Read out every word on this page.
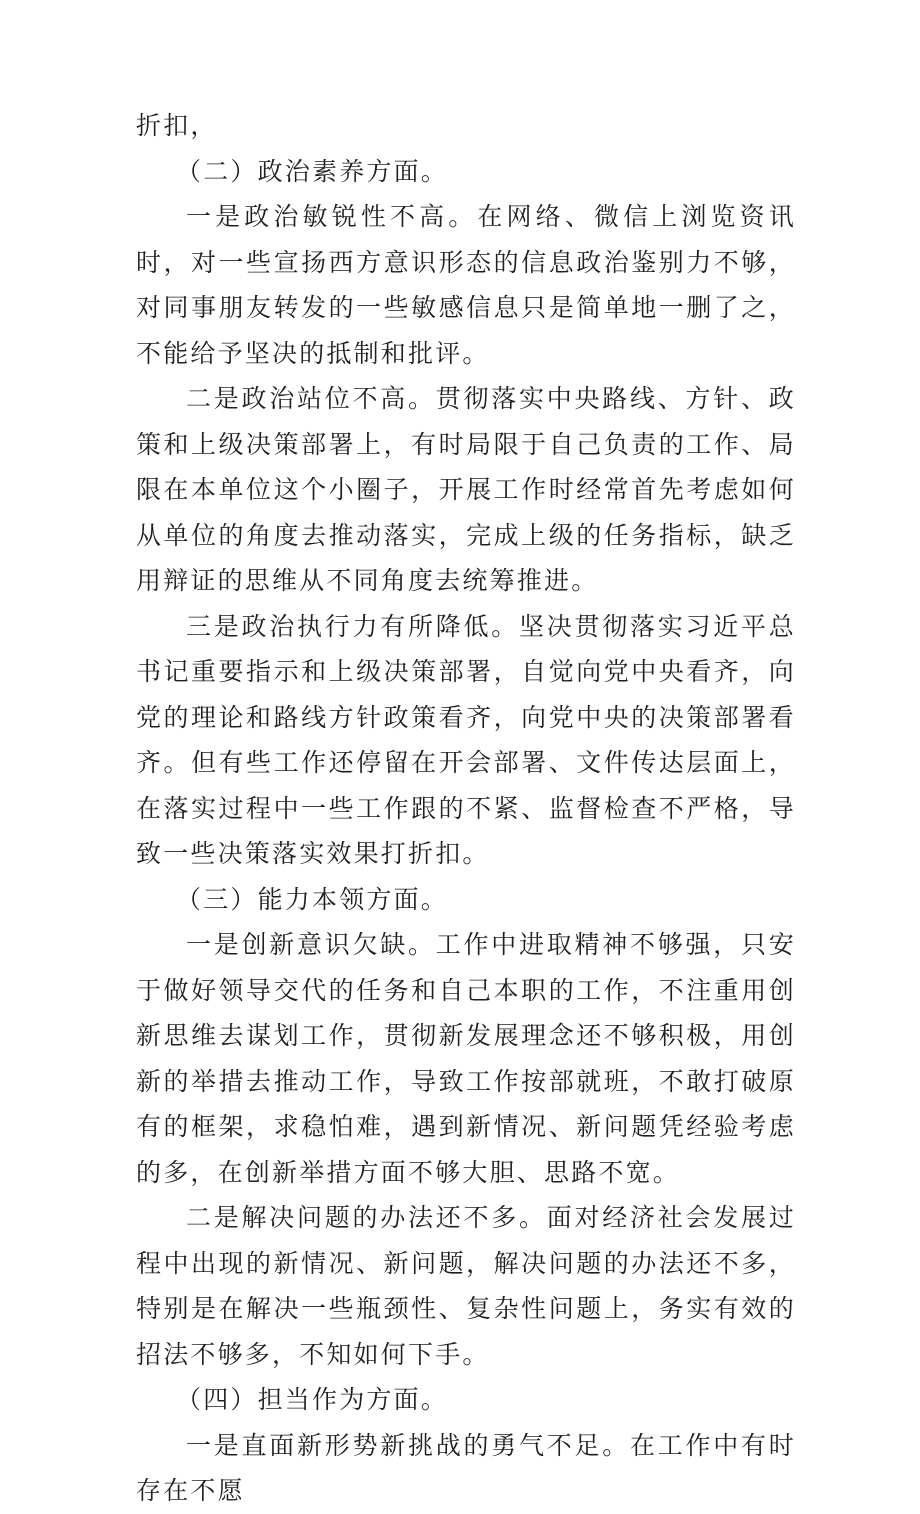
折扣，

（二）政治素养方面。

一是政治敏锐性不高。在网络、微信上浏览资讯时，对一些宣扬西方意识形态的信息政治鉴别力不够，对同事朋友转发的一些敏感信息只是简单地一删了之，不能给予坚决的抵制和批评。

二是政治站位不高。贯彻落实中央路线、方针、政策和上级决策部署上，有时局限于自己负责的工作、局限在本单位这个小圈子，开展工作时经常首先考虑如何从单位的角度去推动落实，完成上级的任务指标，缺乏用辩证的思维从不同角度去统筹推进。

三是政治执行力有所降低。坚决贯彻落实习近平总书记重要指示和上级决策部署，自觉向党中央看齐，向党的理论和路线方针政策看齐，向党中央的决策部署看齐。但有些工作还停留在开会部署、文件传达层面上，在落实过程中一些工作跟的不紧、监督检查不严格，导致一些决策落实效果打折扣。

（三）能力本领方面。

一是创新意识欠缺。工作中进取精神不够强，只安于做好领导交代的任务和自己本职的工作，不注重用创新思维去谋划工作，贯彻新发展理念还不够积极，用创新的举措去推动工作，导致工作按部就班，不敢打破原有的框架，求稳怕难，遇到新情况、新问题凭经验考虑的多，在创新举措方面不够大胆、思路不宽。

二是解决问题的办法还不多。面对经济社会发展过程中出现的新情况、新问题，解决问题的办法还不多，特别是在解决一些瓶颈性、复杂性问题上，务实有效的招法不够多，不知如何下手。

（四）担当作为方面。

一是直面新形势新挑战的勇气不足。在工作中有时存在不愿
